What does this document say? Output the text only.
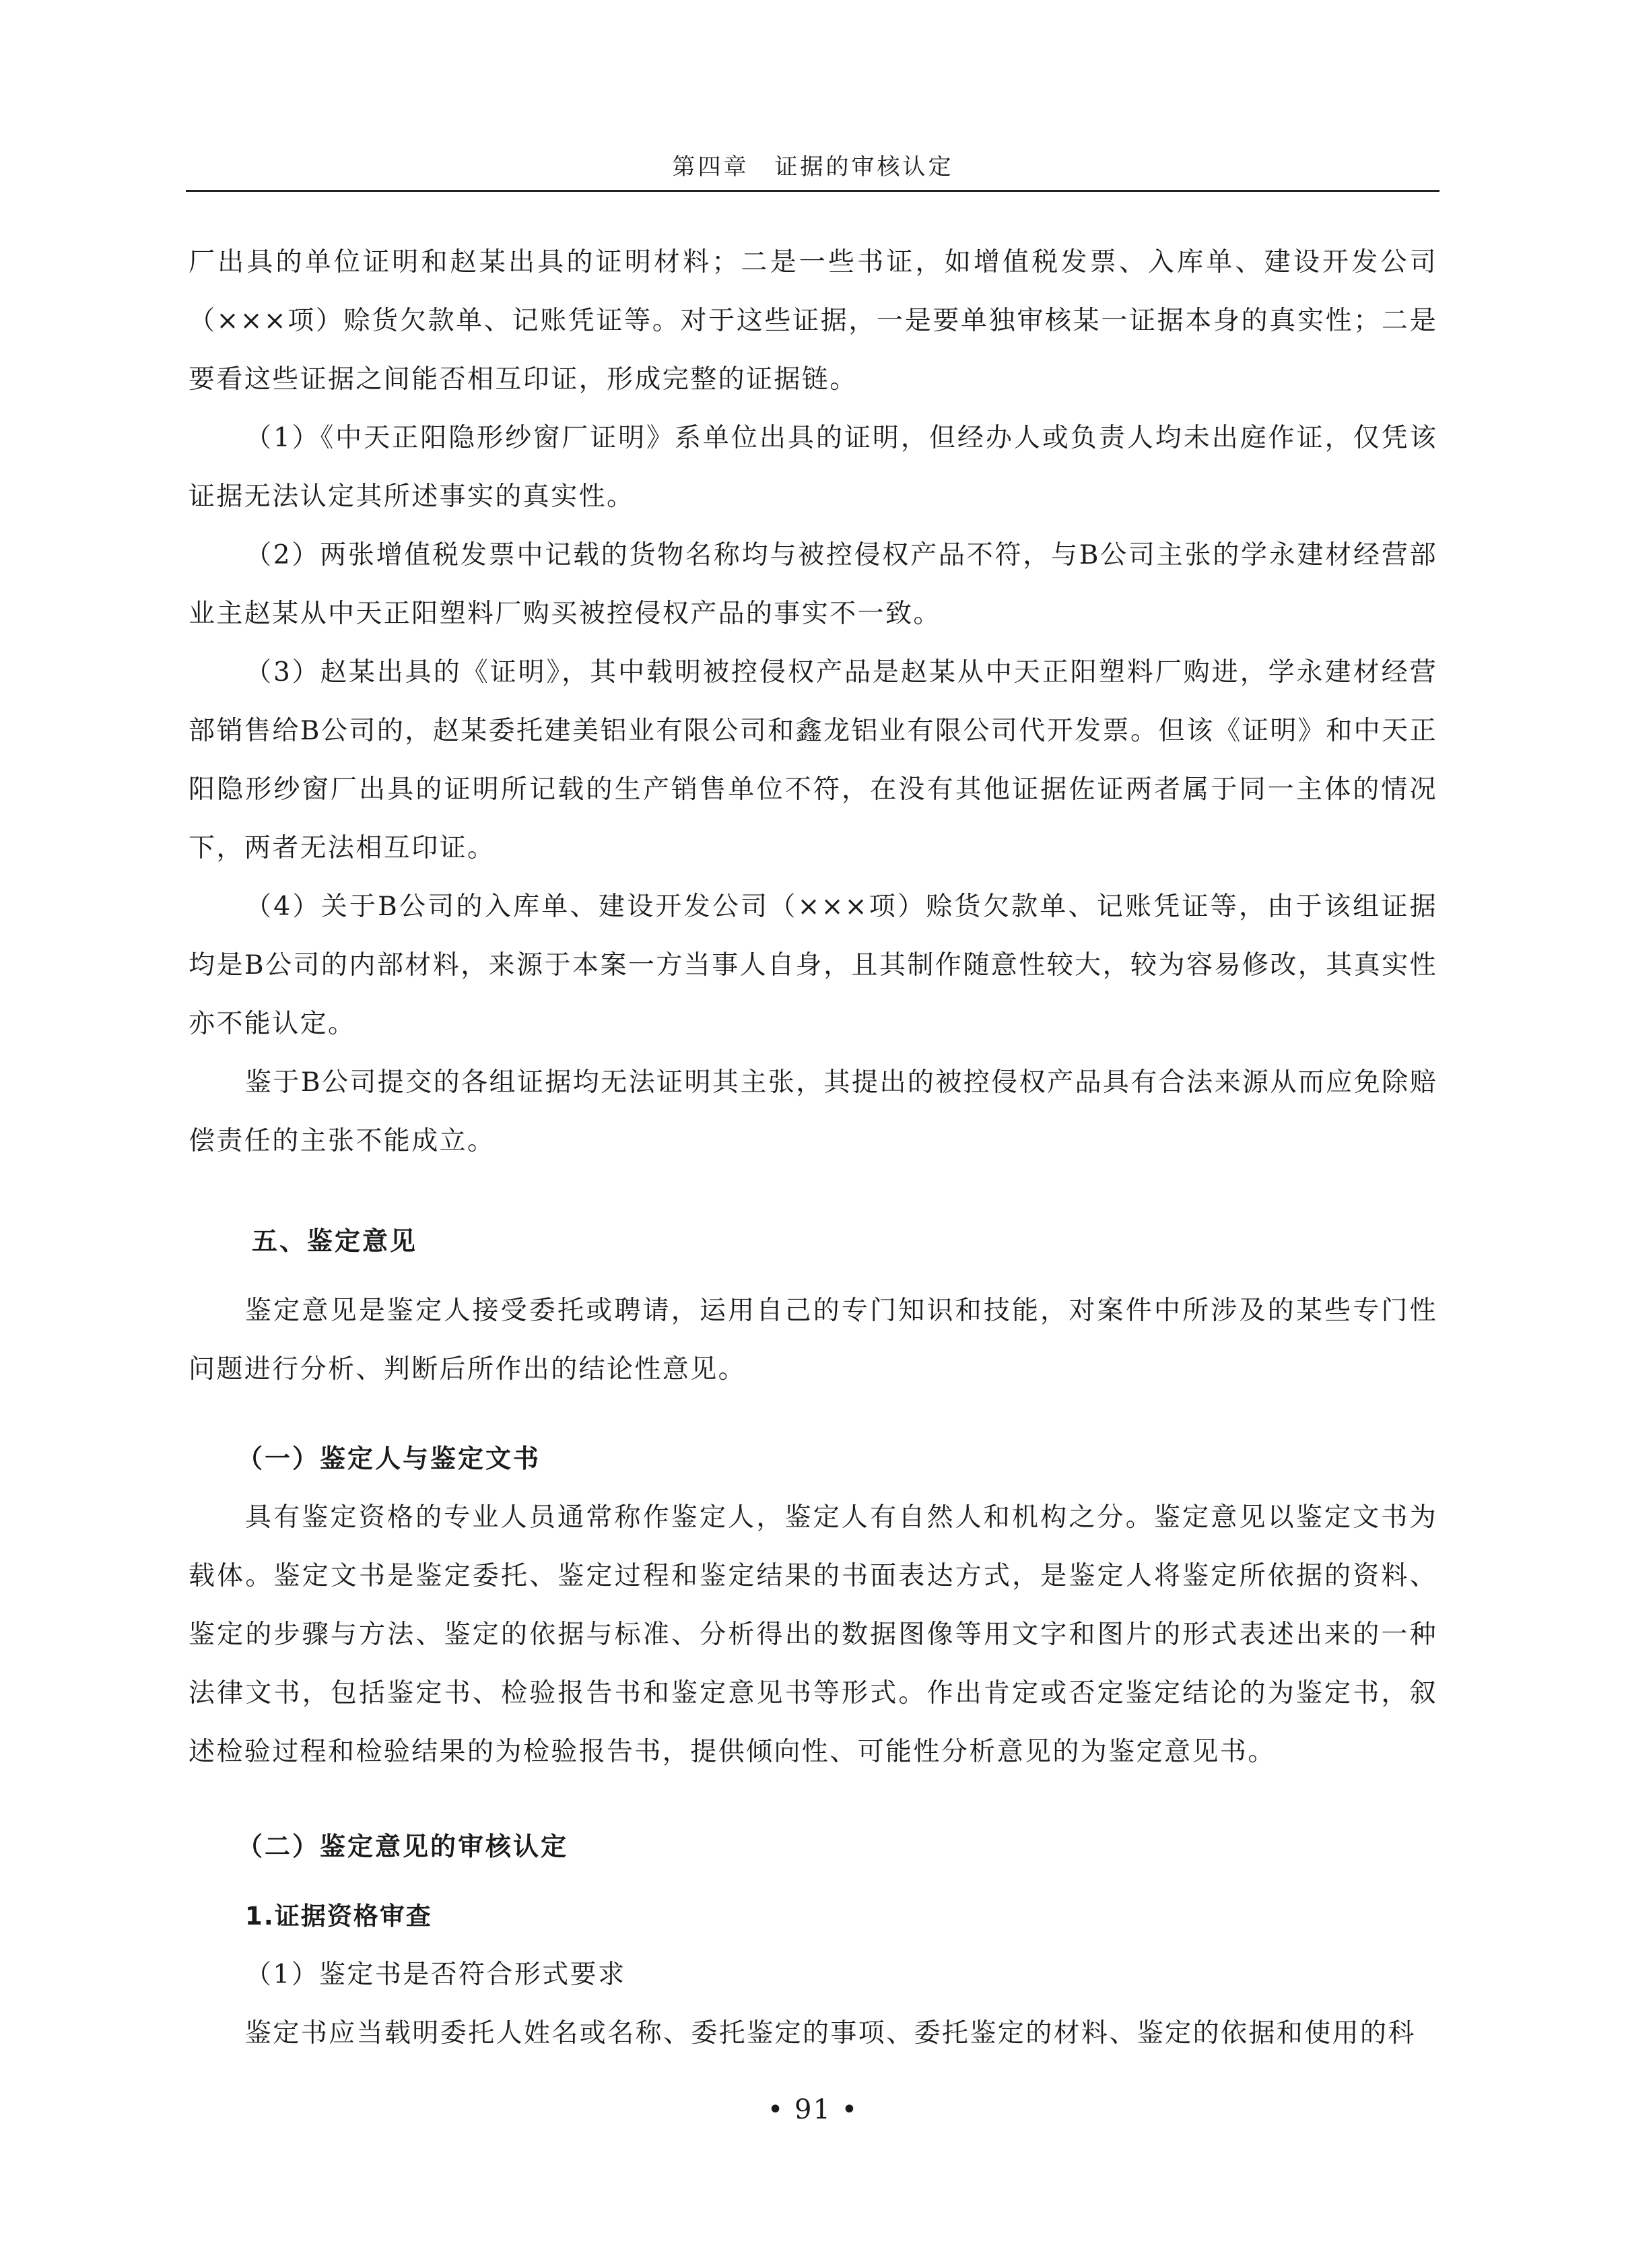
第四章　证据的审核认定

厂出具的单位证明和赵某出具的证明材料；二是一些书证，如增值税发票、入库单、建设开发公司（×××项）赊货欠款单、记账凭证等。对于这些证据，一是要单独审核某一证据本身的真实性；二是要看这些证据之间能否相互印证，形成完整的证据链。

（1）《中天正阳隐形纱窗厂证明》系单位出具的证明，但经办人或负责人均未出庭作证，仅凭该证据无法认定其所述事实的真实性。

（2）两张增值税发票中记载的货物名称均与被控侵权产品不符，与B公司主张的学永建材经营部业主赵某从中天正阳塑料厂购买被控侵权产品的事实不一致。

（3）赵某出具的《证明》，其中载明被控侵权产品是赵某从中天正阳塑料厂购进，学永建材经营部销售给B公司的，赵某委托建美铝业有限公司和鑫龙铝业有限公司代开发票。但该《证明》和中天正阳隐形纱窗厂出具的证明所记载的生产销售单位不符，在没有其他证据佐证两者属于同一主体的情况下，两者无法相互印证。

（4）关于B公司的入库单、建设开发公司（×××项）赊货欠款单、记账凭证等，由于该组证据均是B公司的内部材料，来源于本案一方当事人自身，且其制作随意性较大，较为容易修改，其真实性亦不能认定。

鉴于B公司提交的各组证据均无法证明其主张，其提出的被控侵权产品具有合法来源从而应免除赔偿责任的主张不能成立。

五、鉴定意见

鉴定意见是鉴定人接受委托或聘请，运用自己的专门知识和技能，对案件中所涉及的某些专门性问题进行分析、判断后所作出的结论性意见。

（一）鉴定人与鉴定文书

具有鉴定资格的专业人员通常称作鉴定人，鉴定人有自然人和机构之分。鉴定意见以鉴定文书为载体。鉴定文书是鉴定委托、鉴定过程和鉴定结果的书面表达方式，是鉴定人将鉴定所依据的资料、鉴定的步骤与方法、鉴定的依据与标准、分析得出的数据图像等用文字和图片的形式表述出来的一种法律文书，包括鉴定书、检验报告书和鉴定意见书等形式。作出肯定或否定鉴定结论的为鉴定书，叙述检验过程和检验结果的为检验报告书，提供倾向性、可能性分析意见的为鉴定意见书。

（二）鉴定意见的审核认定
1.证据资格审查

（1）鉴定书是否符合形式要求

鉴定书应当载明委托人姓名或名称、委托鉴定的事项、委托鉴定的材料、鉴定的依据和使用的科

• 91 •
